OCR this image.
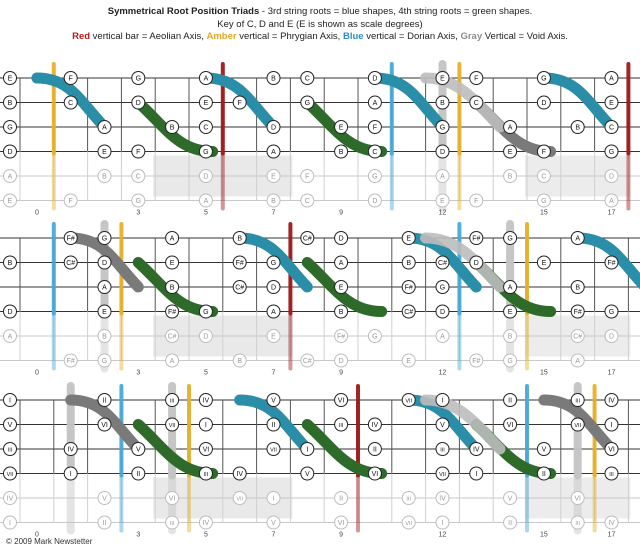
Symmetrical Root Position Triads - 3rd string roots = blue shapes, 4th string roots = green shapes.
Key of C, D and E (E is shown as scale degrees)
Red vertical bar = Aeolian Axis, Amber vertical = Phrygian Axis, Blue vertical = Dorian Axis, Gray Vertical = Void Axis.
E	F	G	A	B	C	D	E	F	G	A
B	C	D	E	F	G	A	B	C	D	E
G	A	B	C	D	E	F	G	A	B	C
D	E	F	G	A	B	C	D	E	F	G
A	B	C	D	E	F	G	A	B	C	D
E	F	G	A	B	C	D	E	F	G	A
0	3	5	7	9	12	15	17
F#	G	A	B	C#	D	E	F#	G	A
B	C#	D	E	F#	G	A	B	C#	D	E	F#
A	B	C#	D	E	F#	G	A	B
D	E	F#	G	A	B	C#	D	E	F#	G
A	B	C#	D	E	F#	G	A	B	C#	D
F#	G	A	B	C#	D	E	F#	G	A
0	3	5	7	9	12	15	17
I	II	III	IV	V	VI	VII	I	II	III	IV
V	VI	VII	I	II	III	IV	V	VI	VII	I
III	IV	V	VI	VII	I	II	III	IV	V	VI
VII	I	II	III	IV	V	VI	VII	I	II	III
IV	V	VI	VII	I	II	III	IV	V	VI
I	II	III	IV	V	VI	VII	I	II	III	IV
0	3	5	7	9	12	15	17
© 2009 Mark Newstetter
